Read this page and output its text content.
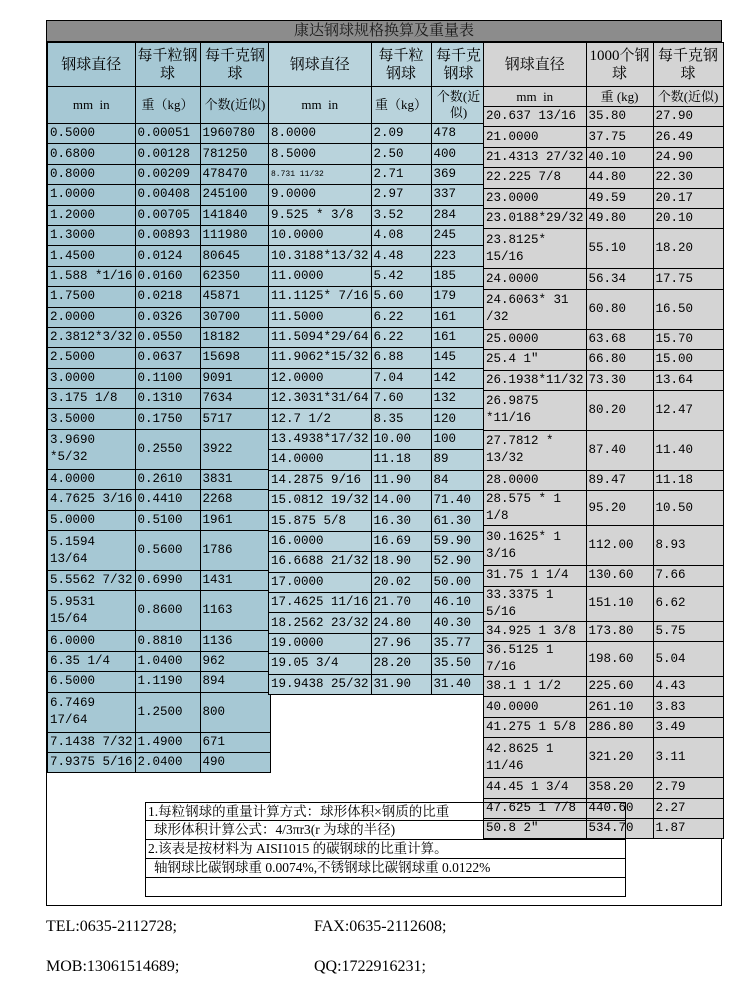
康达钢球规格换算及重量表
钢球直径	每千粒钢球	每千克钢球
mm  in	重（kg）	个数(近似)
0.5000	0.00051	1960780
0.6800	0.00128	781250
0.8000	0.00209	478470
1.0000	0.00408	245100
1.2000	0.00705	141840
1.3000	0.00893	111980
1.4500	0.0124	80645
1.588 *1/16	0.0160	62350
1.7500	0.0218	45871
2.0000	0.0326	30700
2.3812*3/32	0.0550	18182
2.5000	0.0637	15698
3.0000	0.1100	9091
3.175 1/8	0.1310	7634
3.5000	0.1750	5717
3.9690
*5/32	0.2550	3922
4.0000	0.2610	3831
4.7625 3/16	0.4410	2268
5.0000	0.5100	1961
5.1594
13/64	0.5600	1786
5.5562 7/32	0.6990	1431
5.9531
15/64	0.8600	1163
6.0000	0.8810	1136
6.35 1/4	1.0400	962
6.5000	1.1190	894
6.7469
17/64	1.2500	800
7.1438 7/32	1.4900	671
7.9375 5/16	2.0400	490
钢球直径	每千粒钢球	每千克钢球
mm  in	重（kg）	个数(近似)
8.0000	2.09	478
8.5000	2.50	400
8.731 11/32	2.71	369
9.0000	2.97	337
9.525 * 3/8	3.52	284
10.0000	4.08	245
10.3188*13/32	4.48	223
11.0000	5.42	185
11.1125* 7/16	5.60	179
11.5000	6.22	161
11.5094*29/64	6.22	161
11.9062*15/32	6.88	145
12.0000	7.04	142
12.3031*31/64	7.60	132
12.7 1/2	8.35	120
13.4938*17/32	10.00	100
14.0000	11.18	89
14.2875 9/16	11.90	84
15.0812 19/32	14.00	71.40
15.875 5/8	16.30	61.30
16.0000	16.69	59.90
16.6688 21/32	18.90	52.90
17.0000	20.02	50.00
17.4625 11/16	21.70	46.10
18.2562 23/32	24.80	40.30
19.0000	27.96	35.77
19.05 3/4	28.20	35.50
19.9438 25/32	31.90	31.40
钢球直径	1000个钢球	每千克钢球
mm  in	重 (kg)	个数(近似)
20.637 13/16	35.80	27.90
21.0000	37.75	26.49
21.4313 27/32	40.10	24.90
22.225 7/8	44.80	22.30
23.0000	49.59	20.17
23.0188*29/32	49.80	20.10
23.8125*
15/16	55.10	18.20
24.0000	56.34	17.75
24.6063* 31
/32	60.80	16.50
25.0000	63.68	15.70
25.4 1"	66.80	15.00
26.1938*11/32	73.30	13.64
26.9875
*11/16	80.20	12.47
27.7812 *
13/32	87.40	11.40
28.0000	89.47	11.18
28.575 * 1 1/8	95.20	10.50
30.1625* 1
3/16	112.00	8.93
31.75 1 1/4	130.60	7.66
33.3375 1 5/16	151.10	6.62
34.925 1 3/8	173.80	5.75
36.5125 1 7/16	198.60	5.04
38.1 1 1/2	225.60	4.43
40.0000	261.10	3.83
41.275 1 5/8	286.80	3.49
42.8625 1
11/46	321.20	3.11
44.45 1 3/4	358.20	2.79
47.625 1 7/8	440.60	2.27
50.8 2"	534.70	1.87
1.每粒钢球的重量计算方式：球形体积×钢质的比重
球形体积计算公式：4/3πr3(r 为球的半径)
2.该表是按材料为 AISI1015 的碳钢球的比重计算。
轴钢球比碳钢球重 0.0074%,不锈钢球比碳钢球重 0.0122%
TEL:0635-2112728;	FAX:0635-2112608;
MOB:13061514689;	QQ:1722916231;
